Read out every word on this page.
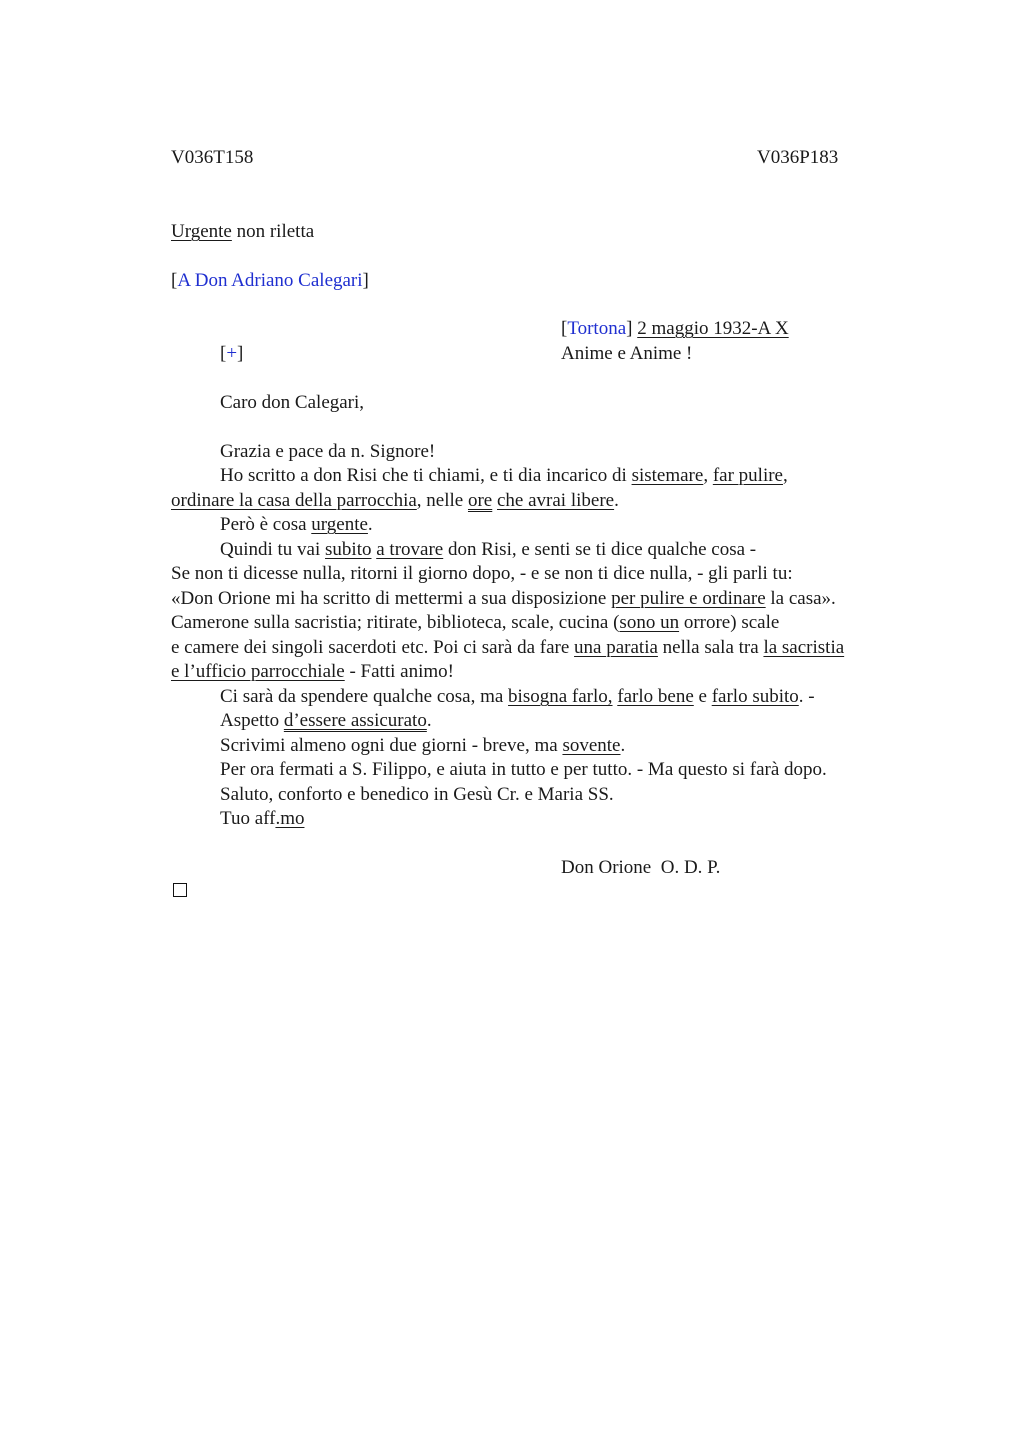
V036T158	V036P183
Urgente non riletta
[A Don Adriano Calegari]
[Tortona] 2 maggio 1932-A X
[+]	Anime e Anime !
Caro don Calegari,
Grazia e pace da n. Signore!
Ho scritto a don Risi che ti chiami, e ti dia incarico di sistemare, far pulire,
ordinare la casa della parrocchia, nelle ore che avrai libere.
Però è cosa urgente.
Quindi tu vai subito a trovare don Risi, e senti se ti dice qualche cosa -
Se non ti dicesse nulla, ritorni il giorno dopo, - e se non ti dice nulla, - gli parli tu:
«Don Orione mi ha scritto di mettermi a sua disposizione per pulire e ordinare la casa».
Camerone sulla sacristia; ritirate, biblioteca, scale, cucina (sono un orrore) scale
e camere dei singoli sacerdoti etc. Poi ci sarà da fare una paratia nella sala tra la sacristia
e l’ufficio parrocchiale - Fatti animo!
Ci sarà da spendere qualche cosa, ma bisogna farlo, farlo bene e farlo subito. -
Aspetto d’essere assicurato.
Scrivimi almeno ogni due giorni - breve, ma sovente.
Per ora fermati a S. Filippo, e aiuta in tutto e per tutto. - Ma questo si farà dopo.
Saluto, conforto e benedico in Gesù Cr. e Maria SS.
Tuo aff.mo
Don Orione  O. D. P.
